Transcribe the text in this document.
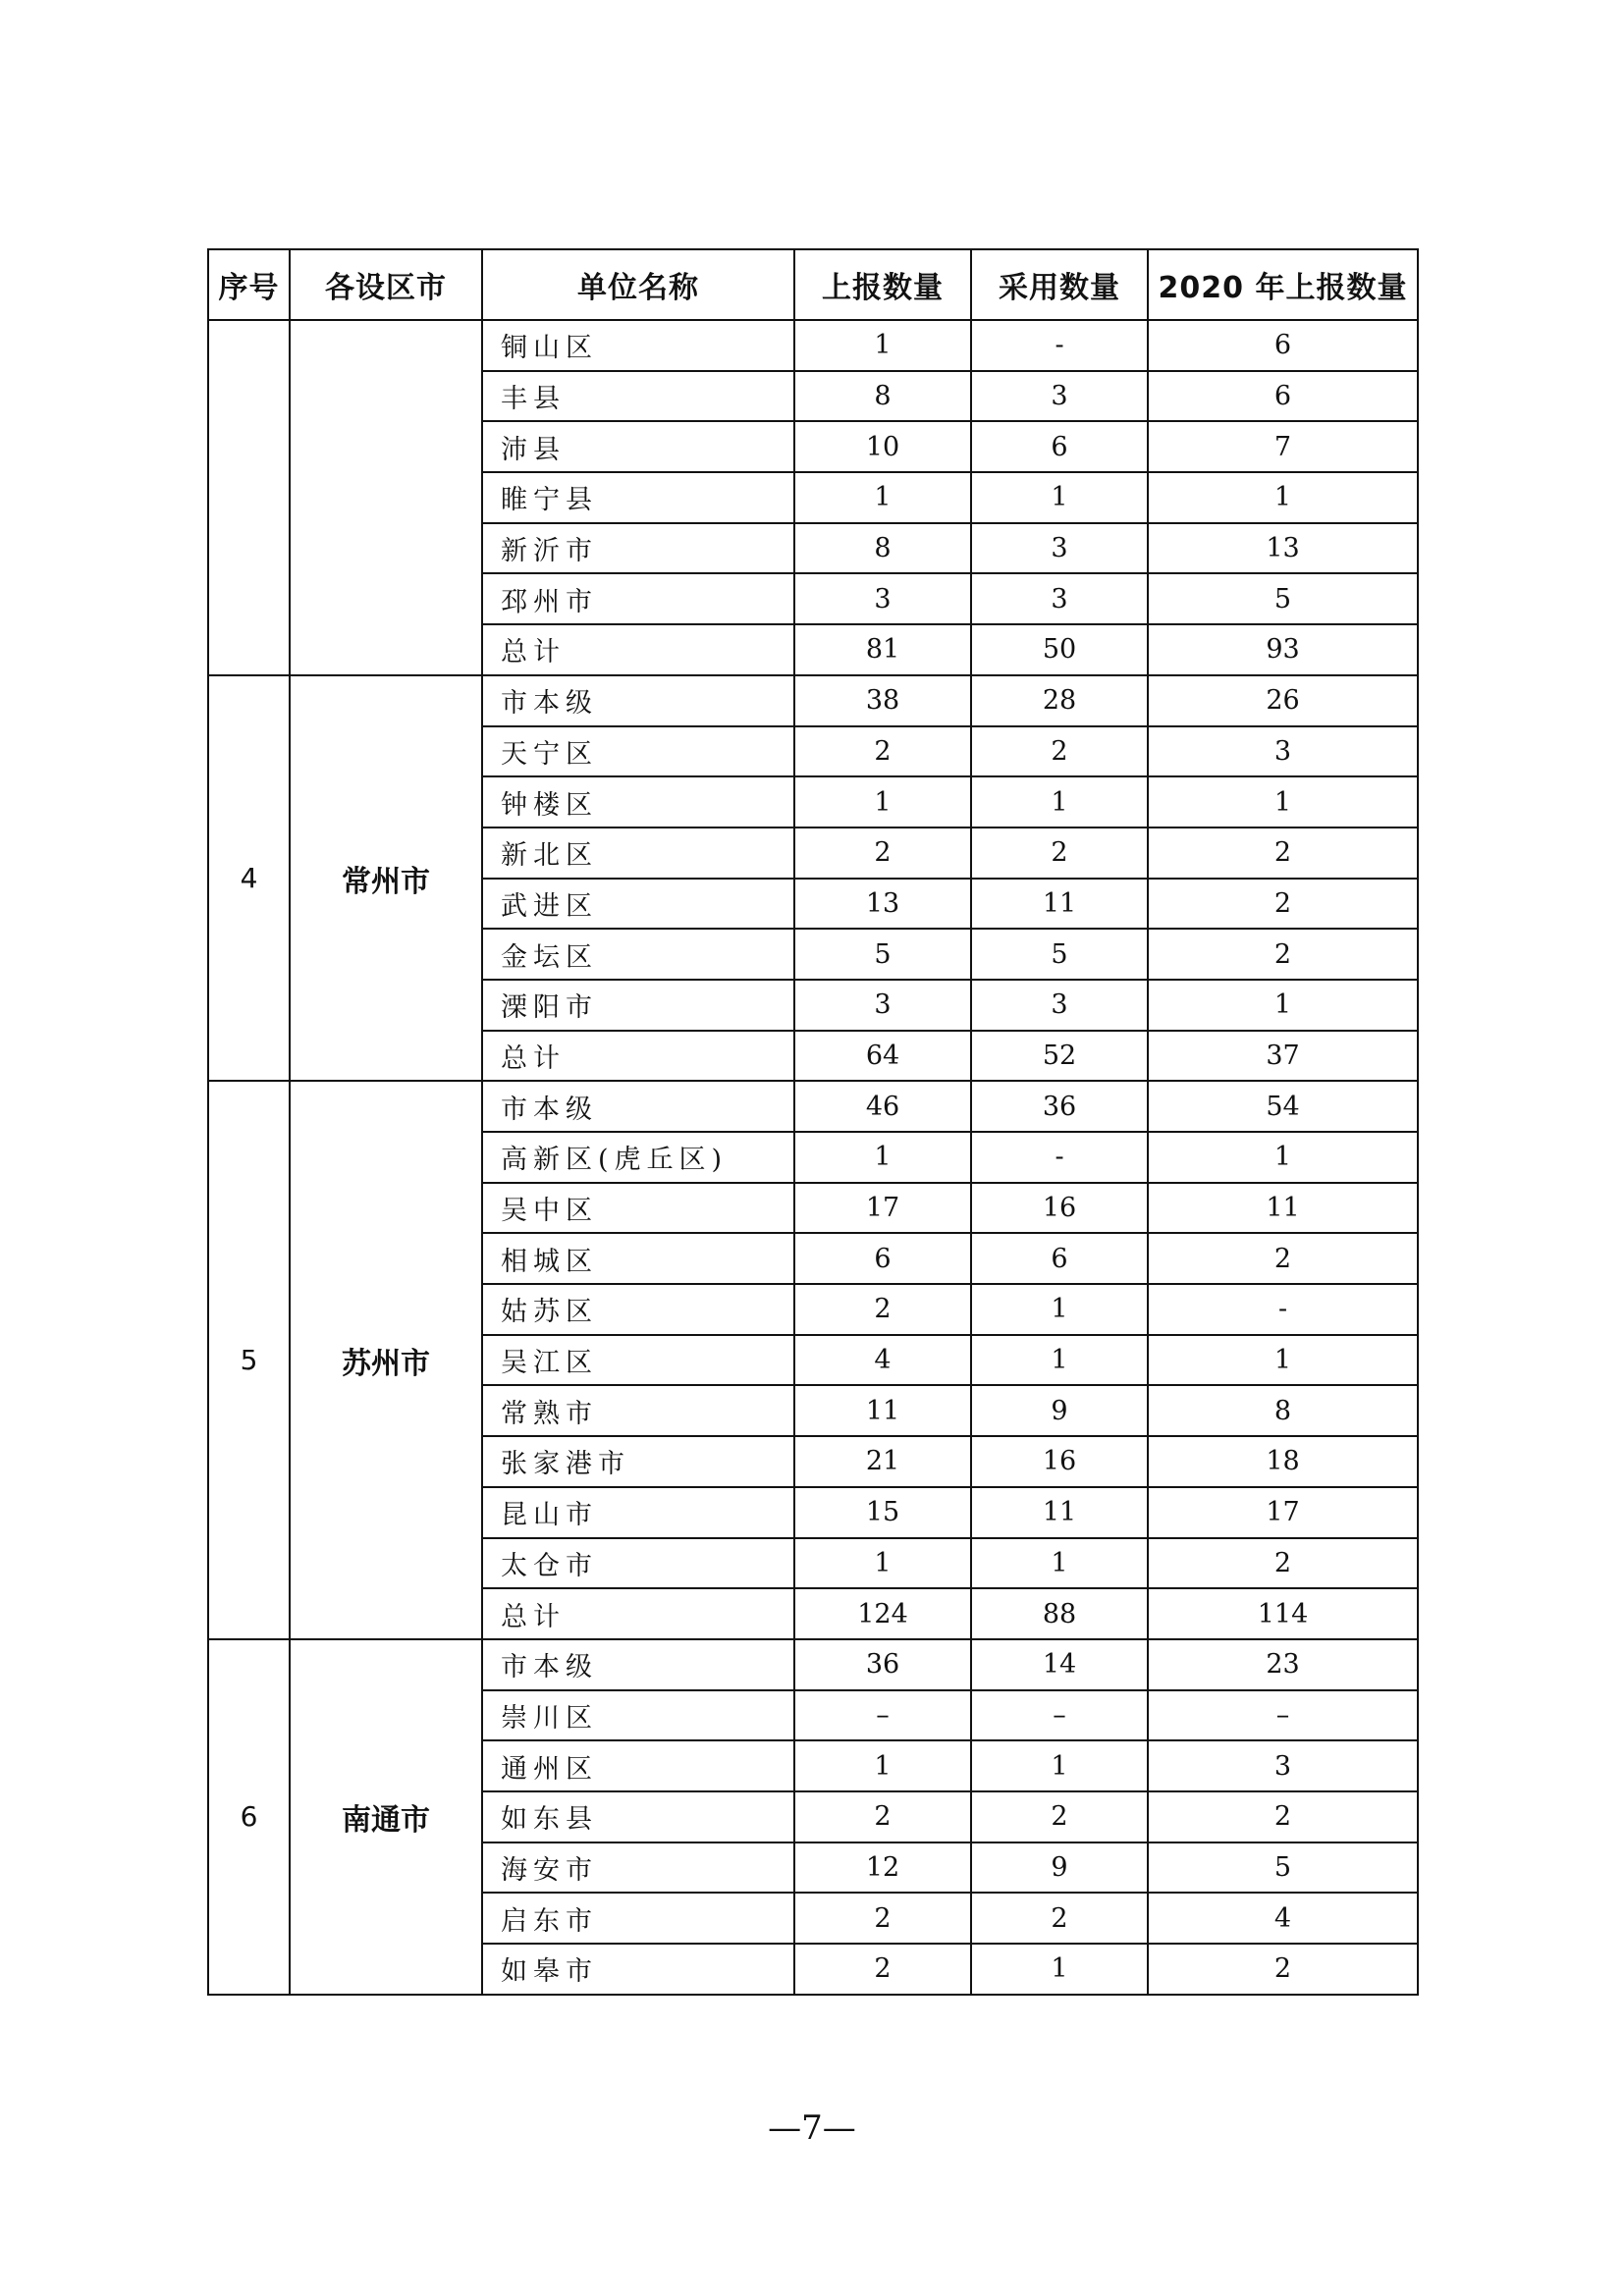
序号	各设区市	单位名称	上报数量	采用数量	2020 年上报数量
		铜山区	1	-	6
		丰县	8	3	6
		沛县	10	6	7
		睢宁县	1	1	1
		新沂市	8	3	13
		邳州市	3	3	5
		总计	81	50	93
4	常州市	市本级	38	28	26
		天宁区	2	2	3
		钟楼区	1	1	1
		新北区	2	2	2
		武进区	13	11	2
		金坛区	5	5	2
		溧阳市	3	3	1
		总计	64	52	37
5	苏州市	市本级	46	36	54
		高新区(虎丘区)	1	-	1
		吴中区	17	16	11
		相城区	6	6	2
		姑苏区	2	1	-
		吴江区	4	1	1
		常熟市	11	9	8
		张家港市	21	16	18
		昆山市	15	11	17
		太仓市	1	1	2
		总计	124	88	114
6	南通市	市本级	36	14	23
		崇川区	–	–	–
		通州区	1	1	3
		如东县	2	2	2
		海安市	12	9	5
		启东市	2	2	4
		如皋市	2	1	2
—7—
